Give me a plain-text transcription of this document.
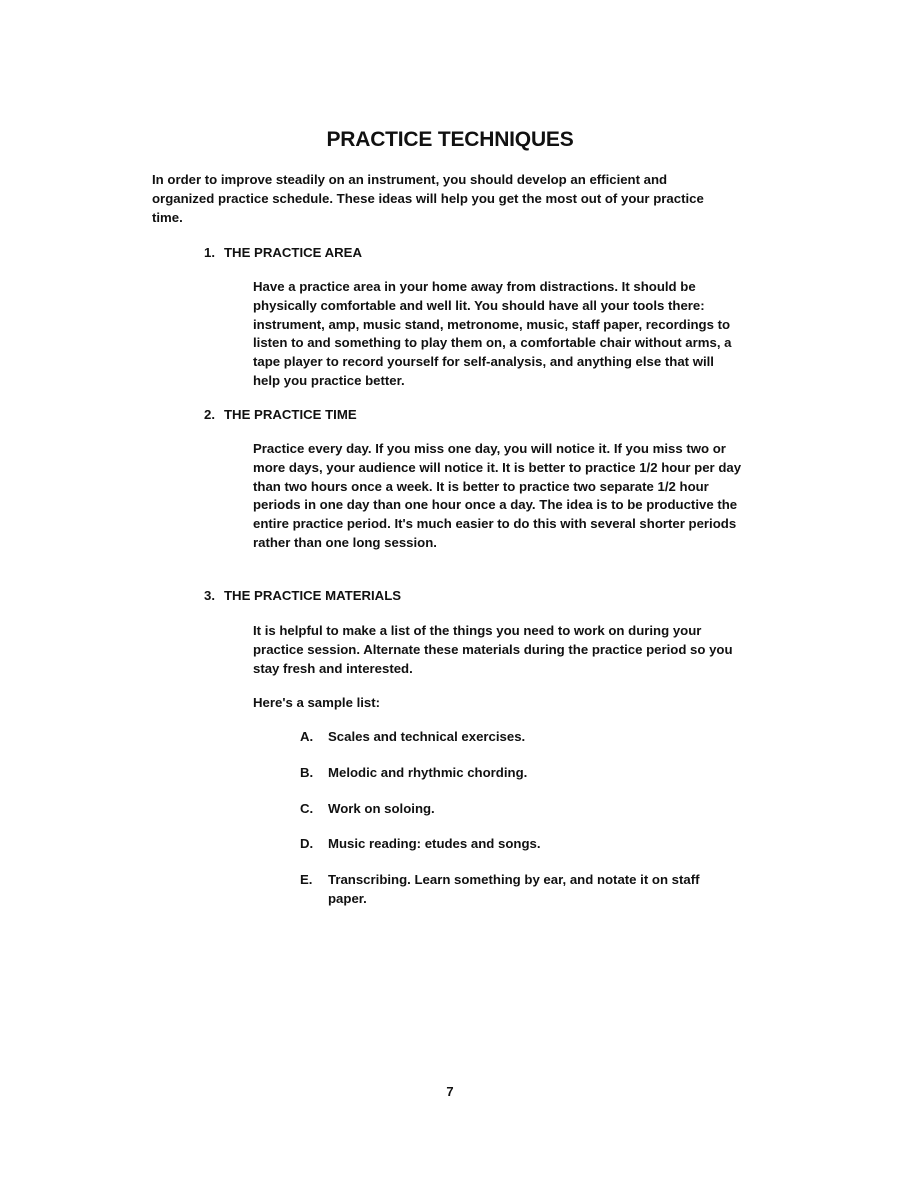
PRACTICE TECHNIQUES

In order to improve steadily on an instrument, you should develop an efficient and organized practice schedule. These ideas will help you get the most out of your practice time.

1. THE PRACTICE AREA

Have a practice area in your home away from distractions. It should be physically comfortable and well lit. You should have all your tools there: instrument, amp, music stand, metronome, music, staff paper, recordings to listen to and something to play them on, a comfortable chair without arms, a tape player to record yourself for self-analysis, and anything else that will help you practice better.

2. THE PRACTICE TIME

Practice every day. If you miss one day, you will notice it. If you miss two or more days, your audience will notice it. It is better to practice 1/2 hour per day than two hours once a week. It is better to practice two separate 1/2 hour periods in one day than one hour once a day. The idea is to be productive the entire practice period. It's much easier to do this with several shorter periods rather than one long session.

3. THE PRACTICE MATERIALS

It is helpful to make a list of the things you need to work on during your practice session. Alternate these materials during the practice period so you stay fresh and interested.

Here's a sample list:

A.	Scales and technical exercises.
B.	Melodic and rhythmic chording.
C.	Work on soloing.
D.	Music reading: etudes and songs.
E.	Transcribing. Learn something by ear, and notate it on staff paper.

7
